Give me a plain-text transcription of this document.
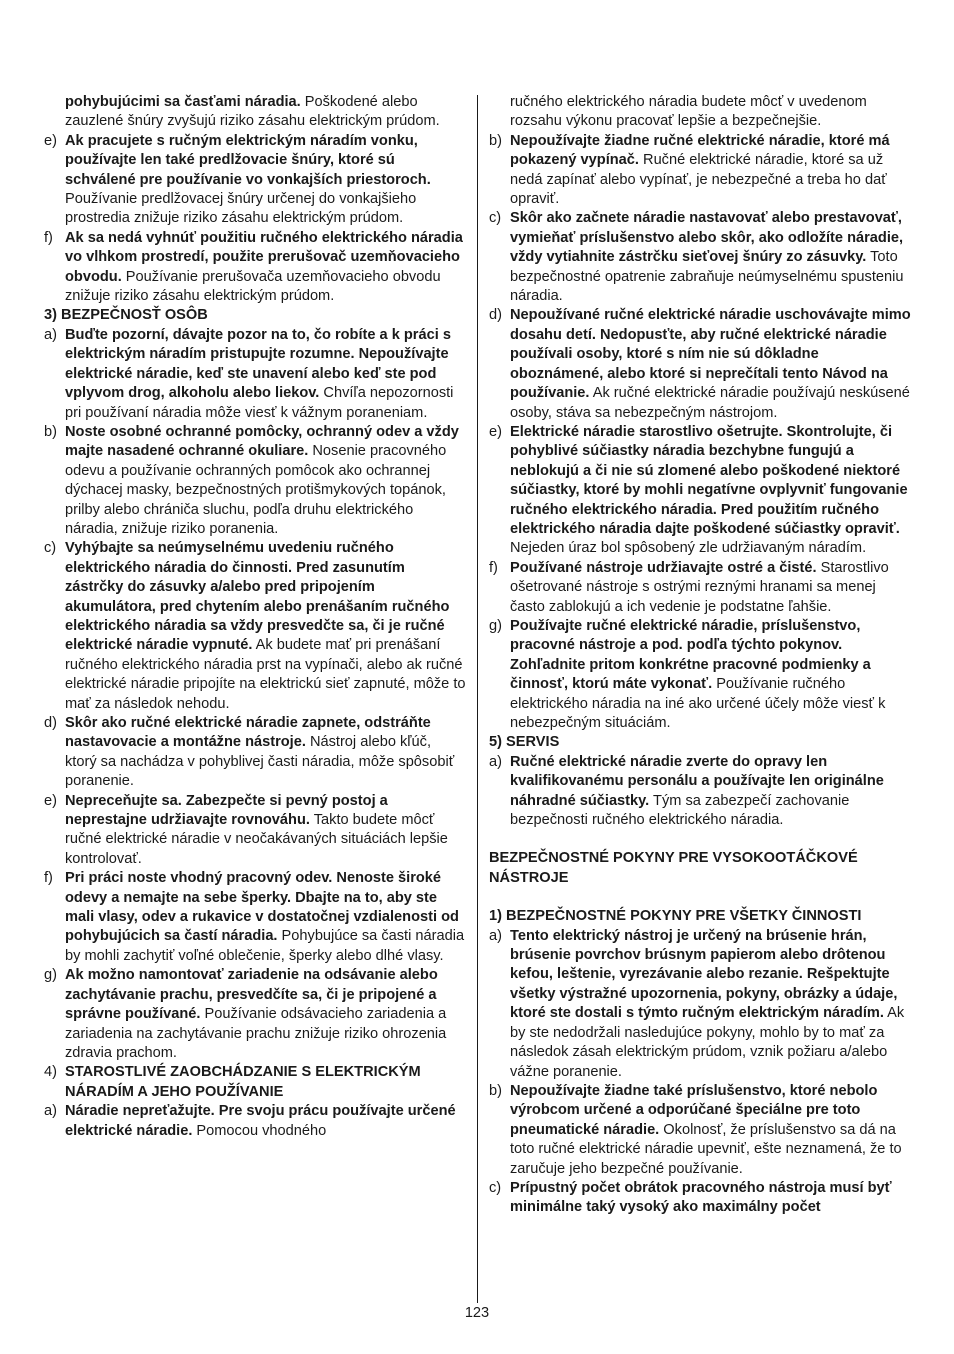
pohybujúcimi sa časťami náradia. Poškodené alebo zauzlené šnúry zvyšujú riziko zásahu elektrickým prúdom.
e) Ak pracujete s ručným elektrickým náradím vonku, používajte len také predlžovacie šnúry, ktoré sú schválené pre používanie vo vonkajších priestoroch. Používanie predlžovacej šnúry určenej do vonkajšieho prostredia znižuje riziko zásahu elektrickým prúdom.
f) Ak sa nedá vyhnúť použitiu ručného elektrického náradia vo vlhkom prostredí, použite prerušovač uzemňovacieho obvodu. Používanie prerušovača uzemňovacieho obvodu znižuje riziko zásahu elektrickým prúdom.
3) BEZPEČNOSŤ OSÔB
a) Buďte pozorní, dávajte pozor na to, čo robíte a k práci s elektrickým náradím pristupujte rozumne. Nepoužívajte elektrické náradie, keď ste unavení alebo keď ste pod vplyvom drog, alkoholu alebo liekov. Chvíľa nepozornosti pri používaní náradia môže viesť k vážnym poraneniam.
b) Noste osobné ochranné pomôcky, ochranný odev a vždy majte nasadené ochranné okuliare. Nosenie pracovného odevu a používanie ochranných pomôcok ako ochrannej dýchacej masky, bezpečnostných protišmykových topánok, prilby alebo chrániča sluchu, podľa druhu elektrického náradia, znižuje riziko poranenia.
c) Vyhýbajte sa neúmyselnému uvedeniu ručného elektrického náradia do činnosti. Pred zasunutím zástrčky do zásuvky a/alebo pred pripojením akumulátora, pred chytením alebo prenášaním ručného elektrického náradia sa vždy presvedčte sa, či je ručné elektrické náradie vypnuté. Ak budete mať pri prenášaní ručného elektrického náradia prst na vypínači, alebo ak ručné elektrické náradie pripojíte na elektrickú sieť zapnuté, môže to mať za následok nehodu.
d) Skôr ako ručné elektrické náradie zapnete, odstráňte nastavovacie a montážne nástroje. Nástroj alebo kľúč, ktorý sa nachádza v pohyblivej časti náradia, môže spôsobiť poranenie.
e) Nepreceňujte sa. Zabezpečte si pevný postoj a neprestajne udržiavajte rovnováhu. Takto budete môcť ručné elektrické náradie v neočakávaných situáciách lepšie kontrolovať.
f) Pri práci noste vhodný pracovný odev. Nenoste široké odevy a nemajte na sebe šperky. Dbajte na to, aby ste mali vlasy, odev a rukavice v dostatočnej vzdialenosti od pohybujúcich sa častí náradia. Pohybujúce sa časti náradia by mohli zachytiť voľné oblečenie, šperky alebo dlhé vlasy.
g) Ak možno namontovať zariadenie na odsávanie alebo zachytávanie prachu, presvedčíte sa, či je pripojené a správne používané. Používanie odsávacieho zariadenia a zariadenia na zachytávanie prachu znižuje riziko ohrozenia zdravia prachom.
4) STAROSTLIVÉ ZAOBCHÁDZANIE S ELEKTRICKÝM NÁRADÍM A JEHO POUŽÍVANIE
a) Náradie nepreťažujte. Pre svoju prácu používajte určené elektrické náradie. Pomocou vhodného
ručného elektrického náradia budete môcť v uvedenom rozsahu výkonu pracovať lepšie a bezpečnejšie.
b) Nepoužívajte žiadne ručné elektrické náradie, ktoré má pokazený vypínač. Ručné elektrické náradie, ktoré sa už nedá zapínať alebo vypínať, je nebezpečné a treba ho dať opraviť.
c) Skôr ako začnete náradie nastavovať alebo prestavovať, vymieňať príslušenstvo alebo skôr, ako odložíte náradie, vždy vytiahnite zástrčku sieťovej šnúry zo zásuvky. Toto bezpečnostné opatrenie zabraňuje neúmyselnému spusteniu náradia.
d) Nepoužívané ručné elektrické náradie uschovávajte mimo dosahu detí. Nedopusťte, aby ručné elektrické náradie používali osoby, ktoré s ním nie sú dôkladne oboznámené, alebo ktoré si neprečítali tento Návod na používanie. Ak ručné elektrické náradie používajú neskúsené osoby, stáva sa nebezpečným nástrojom.
e) Elektrické náradie starostlivo ošetrujte. Skontrolujte, či pohyblivé súčiastky náradia bezchybne fungujú a neblokujú a či nie sú zlomené alebo poškodené niektoré súčiastky, ktoré by mohli negatívne ovplyvniť fungovanie ručného elektrického náradia. Pred použitím ručného elektrického náradia dajte poškodené súčiastky opraviť. Nejeden úraz bol spôsobený zle udržiavaným náradím.
f) Používané nástroje udržiavajte ostré a čisté. Starostlivo ošetrované nástroje s ostrými reznými hranami sa menej často zablokujú a ich vedenie je podstatne ľahšie.
g) Používajte ručné elektrické náradie, príslušenstvo, pracovné nástroje a pod. podľa týchto pokynov. Zohľadnite pritom konkrétne pracovné podmienky a činnosť, ktorú máte vykonať. Používanie ručného elektrického náradia na iné ako určené účely môže viesť k nebezpečným situáciám.
5) SERVIS
a) Ručné elektrické náradie zverte do opravy len kvalifikovanému personálu a používajte len originálne náhradné súčiastky. Tým sa zabezpečí zachovanie bezpečnosti ručného elektrického náradia.
BEZPEČNOSTNÉ POKYNY PRE VYSOKOOTÁČKOVÉ NÁSTROJE
1) BEZPEČNOSTNÉ POKYNY PRE VŠETKY ČINNOSTI
a) Tento elektrický nástroj je určený na brúsenie hrán, brúsenie povrchov brúsnym papierom alebo drôtenou kefou, leštenie, vyrezávanie alebo rezanie. Rešpektujte všetky výstražné upozornenia, pokyny, obrázky a údaje, ktoré ste dostali s týmto ručným elektrickým náradím. Ak by ste nedodržali nasledujúce pokyny, mohlo by to mať za následok zásah elektrickým prúdom, vznik požiaru a/alebo vážne poranenie.
b) Nepoužívajte žiadne také príslušenstvo, ktoré nebolo výrobcom určené a odporúčané špeciálne pre toto pneumatické náradie. Okolnosť, že príslušenstvo sa dá na toto ručné elektrické náradie upevniť, ešte neznamená, že to zaručuje jeho bezpečné používanie.
c) Prípustný počet obrátok pracovného nástroja musí byť minimálne taký vysoký ako maximálny počet
123
